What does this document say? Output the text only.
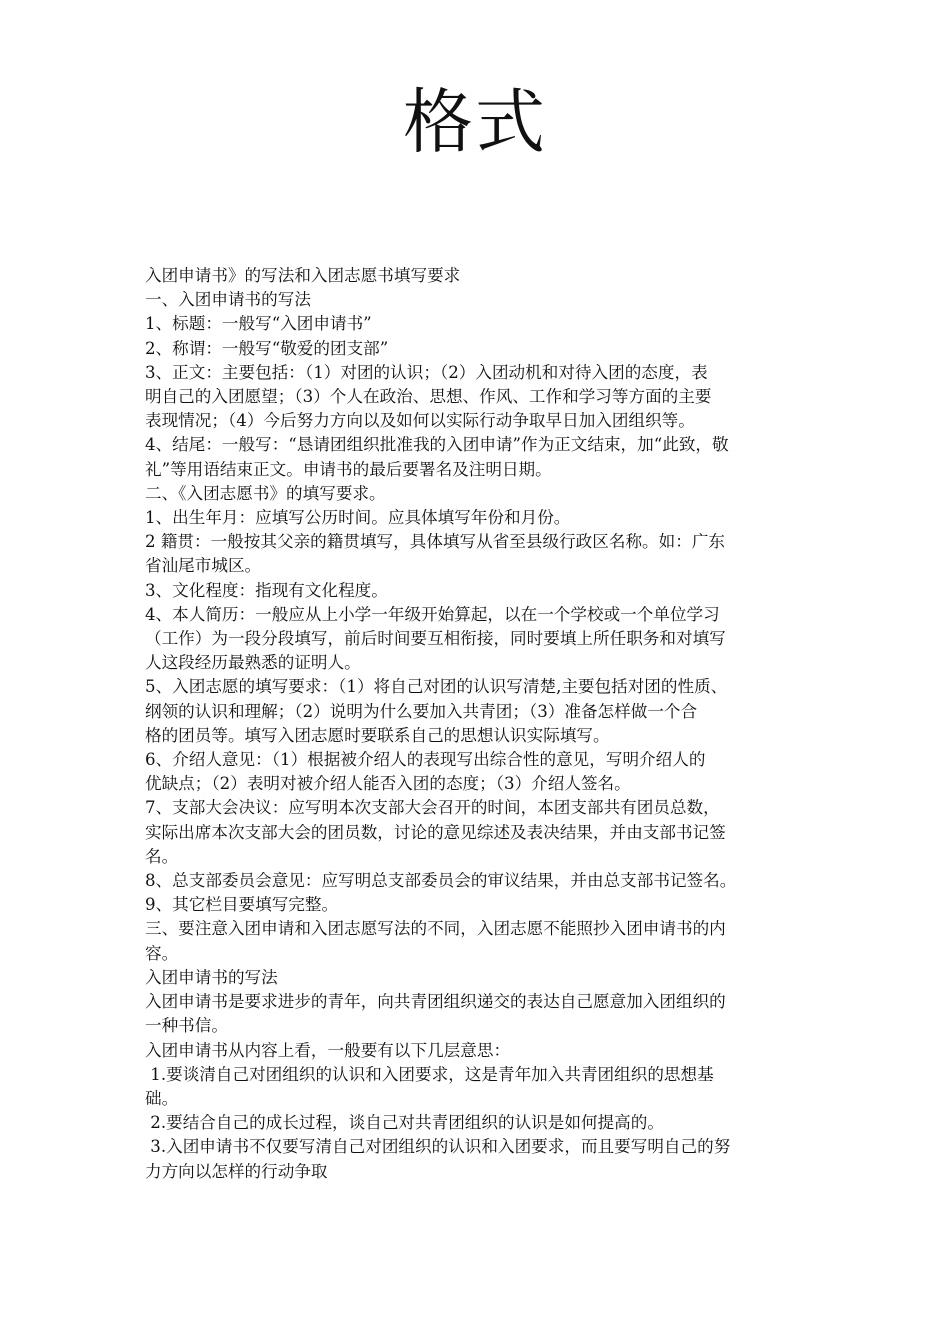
格式

入团申请书》的写法和入团志愿书填写要求

一、入团申请书的写法

1、标题：一般写“入团申请书”

2、称谓：一般写“敬爱的团支部”

3、正文：主要包括：（1）对团的认识；（2）入团动机和对待入团的态度，表

明自己的入团愿望；（3）个人在政治、思想、作风、工作和学习等方面的主要

表现情况；（4）今后努力方向以及如何以实际行动争取早日加入团组织等。

4、结尾：一般写：“恳请团组织批准我的入团申请”作为正文结束，加“此致，敬

礼”等用语结束正文。申请书的最后要署名及注明日期。

二、《入团志愿书》的填写要求。

1、出生年月：应填写公历时间。应具体填写年份和月份。

2 籍贯：一般按其父亲的籍贯填写，具体填写从省至县级行政区名称。如：广东

省汕尾市城区。

3、文化程度：指现有文化程度。

4、本人简历：一般应从上小学一年级开始算起，以在一个学校或一个单位学习

（工作）为一段分段填写，前后时间要互相衔接，同时要填上所任职务和对填写

人这段经历最熟悉的证明人。

5、入团志愿的填写要求：（1）将自己对团的认识写清楚,主要包括对团的性质、

纲领的认识和理解；（2）说明为什么要加入共青团；（3）准备怎样做一个合

格的团员等。填写入团志愿时要联系自己的思想认识实际填写。

6、介绍人意见：（1）根据被介绍人的表现写出综合性的意见，写明介绍人的

优缺点；（2）表明对被介绍人能否入团的态度；（3）介绍人签名。

7、支部大会决议：应写明本次支部大会召开的时间，本团支部共有团员总数，

实际出席本次支部大会的团员数，讨论的意见综述及表决结果，并由支部书记签

名。

8、总支部委员会意见：应写明总支部委员会的审议结果，并由总支部书记签名。

9、其它栏目要填写完整。

三、要注意入团申请和入团志愿写法的不同，入团志愿不能照抄入团申请书的内

容。

入团申请书的写法

入团申请书是要求进步的青年，向共青团组织递交的表达自己愿意加入团组织的

一种书信。

入团申请书从内容上看，一般要有以下几层意思：

1.要谈清自己对团组织的认识和入团要求，这是青年加入共青团组织的思想基

础。

2.要结合自己的成长过程，谈自己对共青团组织的认识是如何提高的。

3.入团申请书不仅要写清自己对团组织的认识和入团要求，而且要写明自己的努

力方向以怎样的行动争取
